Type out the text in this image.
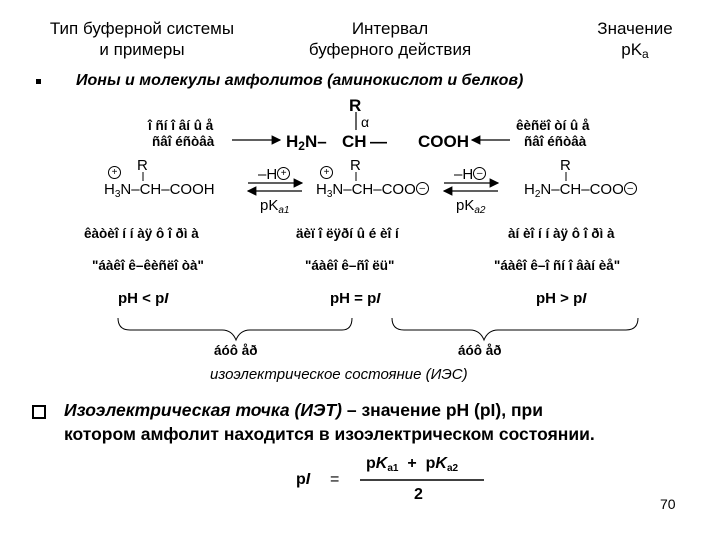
Тип буферной системы
и примеры
Интервал
буферного действия
Значение
$pK_a$
Ионы и молекулы амфолитов (аминокислот и белков)
î ñí î âí û å
ñâî éñòâà
êèñëî òí û å
ñâî éñòâà
R
α
$H_2N-$ CH — COOH
R
+
$H_3N-CH$–COOH
–H +
$pK_{a1}$
R
+
$H_3N-CH$–COO –
–H –
$pK_{a2}$
R
$H_2N-CH$–COO –
êàòèî í í àÿ ô î ðì à	äèï î ëÿðí û é èî í	àí èî í í àÿ ô î ðì à
"áàêî ê–êèñëî òà"	"áàêî ê–ñî ëü"	"áàêî ê–î ñí î âàí èå"
pH < pI	pH = pI	pH > pI
áóô åð	áóô åð
изоэлектрическое состояние (ИЭС)
Изоэлектрическая точка (ИЭТ) – значение pH (pI), при
котором амфолит находится в изоэлектрическом состоянии.
pI =
$pK_{a1} + pK_{a2}$
2
70
